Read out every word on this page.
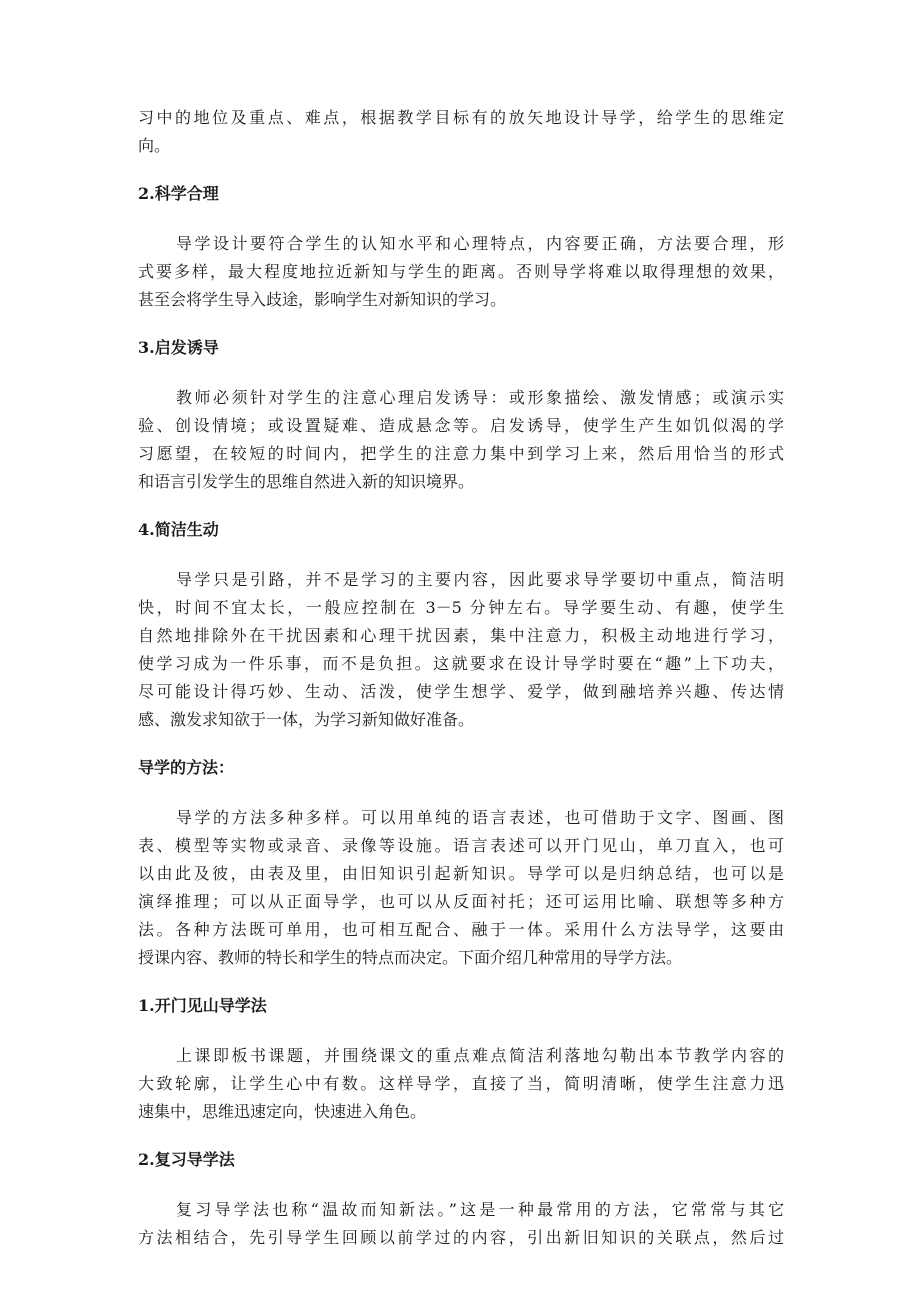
习中的地位及重点、难点，根据教学目标有的放矢地设计导学，给学生的思维定

向。

2.科学合理

导学设计要符合学生的认知水平和心理特点，内容要正确，方法要合理，形

式要多样，最大程度地拉近新知与学生的距离。否则导学将难以取得理想的效果，

甚至会将学生导入歧途，影响学生对新知识的学习。

3.启发诱导

教师必须针对学生的注意心理启发诱导：或形象描绘、激发情感；或演示实

验、创设情境；或设置疑难、造成悬念等。启发诱导，使学生产生如饥似渴的学

习愿望，在较短的时间内，把学生的注意力集中到学习上来，然后用恰当的形式

和语言引发学生的思维自然进入新的知识境界。

4.简洁生动

导学只是引路，并不是学习的主要内容，因此要求导学要切中重点，简洁明

快，时间不宜太长，一般应控制在 3－5 分钟左右。导学要生动、有趣，使学生

自然地排除外在干扰因素和心理干扰因素，集中注意力，积极主动地进行学习，

使学习成为一件乐事，而不是负担。这就要求在设计导学时要在“趣”上下功夫，

尽可能设计得巧妙、生动、活泼，使学生想学、爱学，做到融培养兴趣、传达情

感、激发求知欲于一体，为学习新知做好准备。

导学的方法：

导学的方法多种多样。可以用单纯的语言表述，也可借助于文字、图画、图

表、模型等实物或录音、录像等设施。语言表述可以开门见山，单刀直入，也可

以由此及彼，由表及里，由旧知识引起新知识。导学可以是归纳总结，也可以是

演绎推理；可以从正面导学，也可以从反面衬托；还可运用比喻、联想等多种方

法。各种方法既可单用，也可相互配合、融于一体。采用什么方法导学，这要由

授课内容、教师的特长和学生的特点而决定。下面介绍几种常用的导学方法。

1.开门见山导学法

上课即板书课题，并围绕课文的重点难点简洁利落地勾勒出本节教学内容的

大致轮廓，让学生心中有数。这样导学，直接了当，简明清晰，使学生注意力迅

速集中，思维迅速定向，快速进入角色。

2.复习导学法

复习导学法也称“温故而知新法。”这是一种最常用的方法，它常常与其它

方法相结合，先引导学生回顾以前学过的内容，引出新旧知识的关联点，然后过
